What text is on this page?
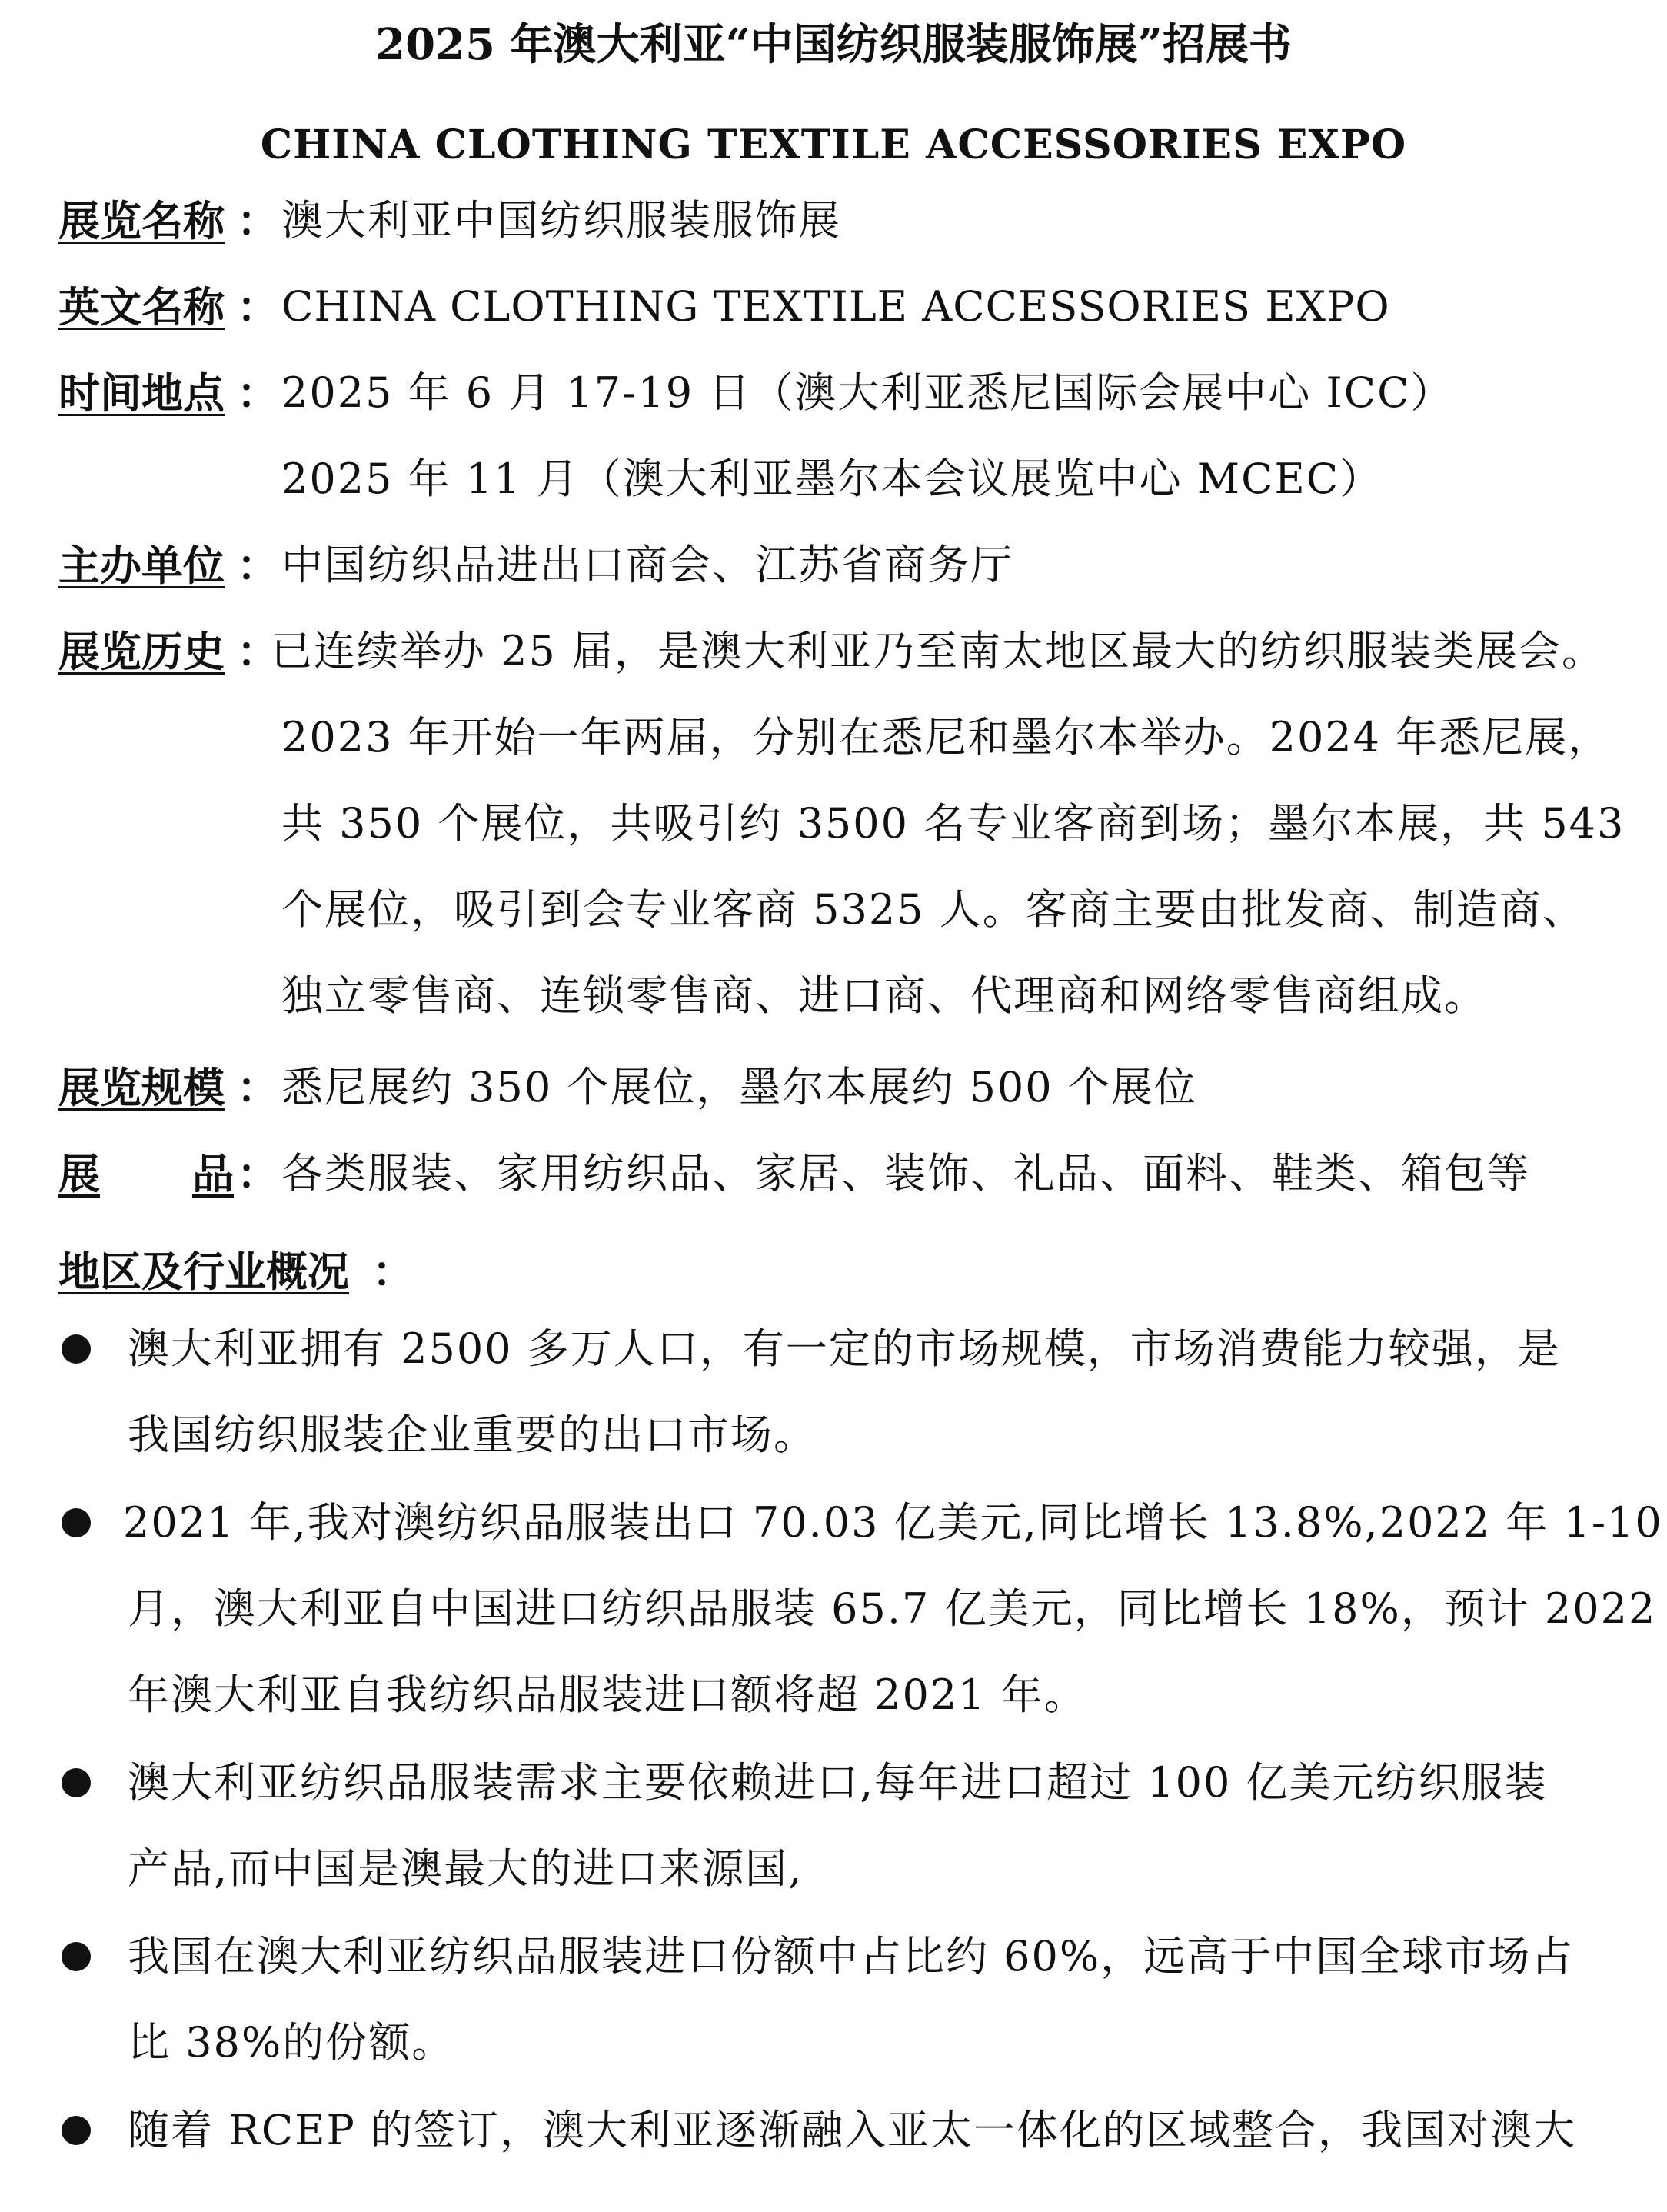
2025 年澳大利亚“中国纺织服装服饰展”招展书
CHINA CLOTHING TEXTILE ACCESSORIES EXPO
展览名称 ： 澳大利亚中国纺织服装服饰展
英文名称 ： CHINA CLOTHING TEXTILE ACCESSORIES EXPO
时间地点 ： 2025 年 6 月 17-19 日（澳大利亚悉尼国际会展中心 ICC）
2025 年 11 月（澳大利亚墨尔本会议展览中心 MCEC）
主办单位 ： 中国纺织品进出口商会、江苏省商务厅
展览历史 ：
已连续举办 25 届，是澳大利亚乃至南太地区最大的纺织服装类展会。
2023 年开始一年两届，分别在悉尼和墨尔本举办。2024 年悉尼展，
共 350 个展位，共吸引约 3500 名专业客商到场；墨尔本展，共 543
个展位，吸引到会专业客商 5325 人。客商主要由批发商、制造商、
独立零售商、连锁零售商、进口商、代理商和网络零售商组成。
展览规模 ： 悉尼展约 350 个展位，墨尔本展约 500 个展位
展 品 ： 各类服装、家用纺织品、家居、装饰、礼品、面料、鞋类、箱包等
地区及行业概况 ：
澳大利亚拥有 2500 多万人口，有一定的市场规模，市场消费能力较强，是
我国纺织服装企业重要的出口市场。
2021 年,我对澳纺织品服装出口 70.03 亿美元,同比增长 13.8%,2022 年 1-10
月，澳大利亚自中国进口纺织品服装 65.7 亿美元，同比增长 18%，预计 2022
年澳大利亚自我纺织品服装进口额将超 2021 年。
澳大利亚纺织品服装需求主要依赖进口,每年进口超过 100 亿美元纺织服装
产品,而中国是澳最大的进口来源国,
我国在澳大利亚纺织品服装进口份额中占比约 60%，远高于中国全球市场占
比 38%的份额。
随着 RCEP 的签订，澳大利亚逐渐融入亚太一体化的区域整合，我国对澳大
